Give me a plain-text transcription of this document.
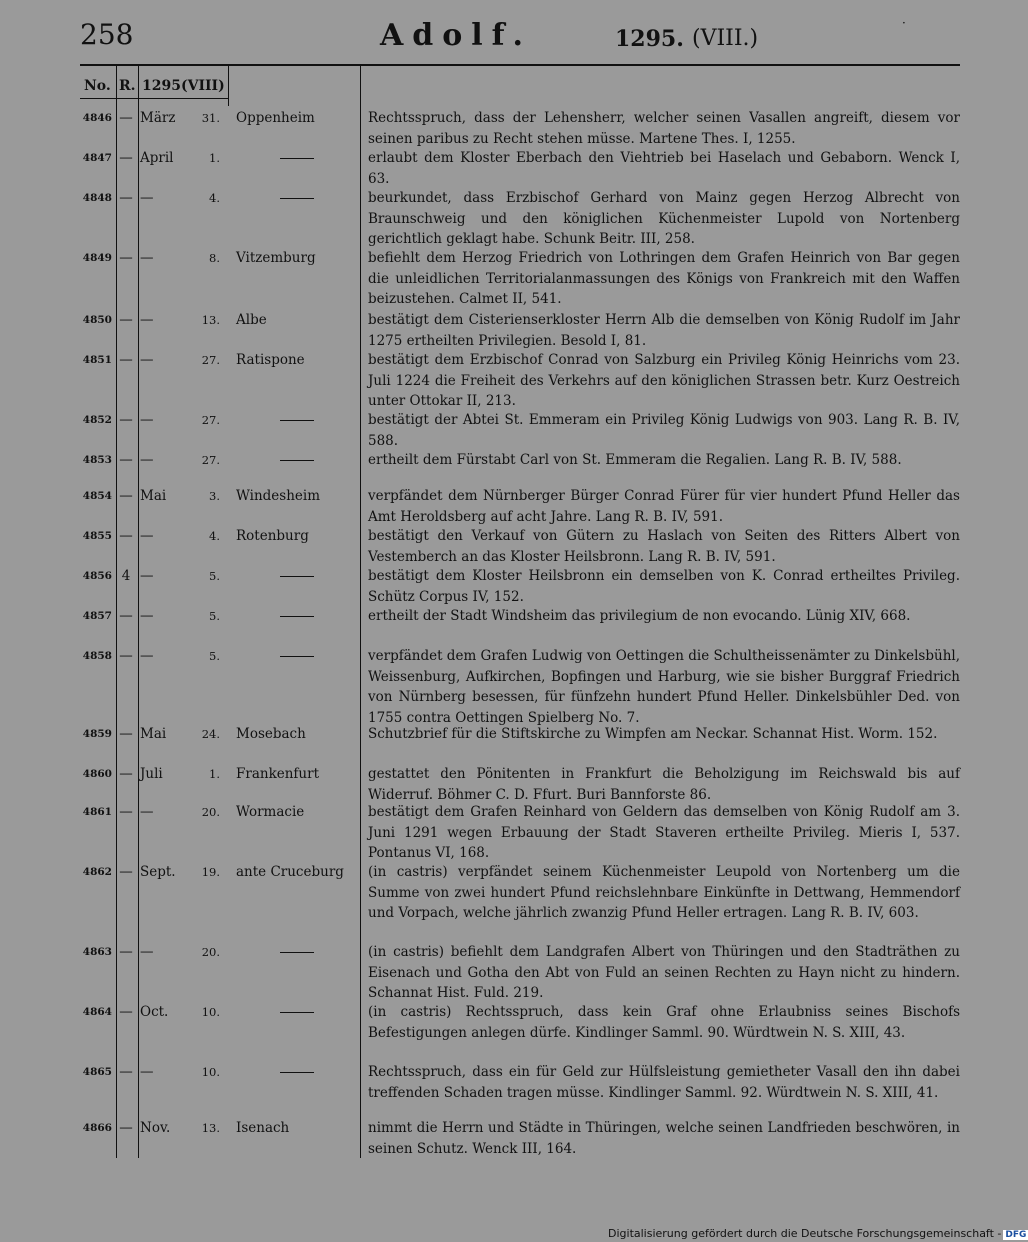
258	Adolf.	1295. (VIII.)
·
No. R. 1295(VIII)
4846 — März	31. Oppenheim	Rechtsspruch, dass der Lehensherr, welcher seinen Vasallen angreift, diesem vor seinen paribus zu Recht stehen müsse. Martene Thes. I, 1255.
4847 — April	1.	erlaubt dem Kloster Eberbach den Viehtrieb bei Haselach und Gebaborn. Wenck I, 63.
4848 — —	4.	beurkundet, dass Erzbischof Gerhard von Mainz gegen Herzog Albrecht von Braunschweig und den königlichen Küchenmeister Lupold von Nortenberg gerichtlich geklagt habe. Schunk Beitr. III, 258.
4849 — —	8. Vitzemburg	befiehlt dem Herzog Friedrich von Lothringen dem Grafen Heinrich von Bar gegen die unleidlichen Territorialanmassungen des Königs von Frankreich mit den Waffen beizustehen. Calmet II, 541.
4850 — —	13. Albe	bestätigt dem Cisterienserkloster Herrn Alb die demselben von König Rudolf im Jahr 1275 ertheilten Privilegien. Besold I, 81.
4851 — —	27. Ratispone	bestätigt dem Erzbischof Conrad von Salzburg ein Privileg König Heinrichs vom 23. Juli 1224 die Freiheit des Verkehrs auf den königlichen Strassen betr. Kurz Oestreich unter Ottokar II, 213.
4852 — —	27.	bestätigt der Abtei St. Emmeram ein Privileg König Ludwigs von 903. Lang R. B. IV, 588.
4853 — —	27.	ertheilt dem Fürstabt Carl von St. Emmeram die Regalien. Lang R. B. IV, 588.
4854 — Mai	3. Windesheim	verpfändet dem Nürnberger Bürger Conrad Fürer für vier hundert Pfund Heller das Amt Heroldsberg auf acht Jahre. Lang R. B. IV, 591.
4855 — —	4. Rotenburg	bestätigt den Verkauf von Gütern zu Haslach von Seiten des Ritters Albert von Vestemberch an das Kloster Heilsbronn. Lang R. B. IV, 591.
4856 4 —	5.	bestätigt dem Kloster Heilsbronn ein demselben von K. Conrad ertheiltes Privileg. Schütz Corpus IV, 152.
4857 — —	5.	ertheilt der Stadt Windsheim das privilegium de non evocando. Lünig XIV, 668.
4858 — —	5.	verpfändet dem Grafen Ludwig von Oettingen die Schultheissenämter zu Dinkelsbühl, Weissenburg, Aufkirchen, Bopfingen und Harburg, wie sie bisher Burggraf Friedrich von Nürnberg besessen, für fünfzehn hundert Pfund Heller. Dinkelsbühler Ded. von 1755 contra Oettingen Spielberg No. 7.
4859 — Mai	24. Mosebach	Schutzbrief für die Stiftskirche zu Wimpfen am Neckar. Schannat Hist. Worm. 152.
4860 — Juli	1. Frankenfurt	gestattet den Pönitenten in Frankfurt die Beholzigung im Reichswald bis auf Widerruf. Böhmer C. D. Ffurt. Buri Bannforste 86.
4861 — —	20. Wormacie	bestätigt dem Grafen Reinhard von Geldern das demselben von König Rudolf am 3. Juni 1291 wegen Erbauung der Stadt Staveren ertheilte Privileg. Mieris I, 537. Pontanus VI, 168.
4862 — Sept.	19. ante Cruceburg	(in castris) verpfändet seinem Küchenmeister Leupold von Nortenberg um die Summe von zwei hundert Pfund reichslehnbare Einkünfte in Dettwang, Hemmendorf und Vorpach, welche jährlich zwanzig Pfund Heller ertragen. Lang R. B. IV, 603.
4863 — —	20.	(in castris) befiehlt dem Landgrafen Albert von Thüringen und den Stadträthen zu Eisenach und Gotha den Abt von Fuld an seinen Rechten zu Hayn nicht zu hindern. Schannat Hist. Fuld. 219.
4864 — Oct.	10.	(in castris) Rechtsspruch, dass kein Graf ohne Erlaubniss seines Bischofs Befestigungen anlegen dürfe. Kindlinger Samml. 90. Würdtwein N. S. XIII, 43.
4865 — —	10.	Rechtsspruch, dass ein für Geld zur Hülfsleistung gemietheter Vasall den ihn dabei treffenden Schaden tragen müsse. Kindlinger Samml. 92. Würdtwein N. S. XIII, 41.
4866 — Nov.	13. Isenach	nimmt die Herrn und Städte in Thüringen, welche seinen Landfrieden beschwören, in seinen Schutz. Wenck III, 164.
Digitalisierung gefördert durch die Deutsche Forschungsgemeinschaft - DFG
